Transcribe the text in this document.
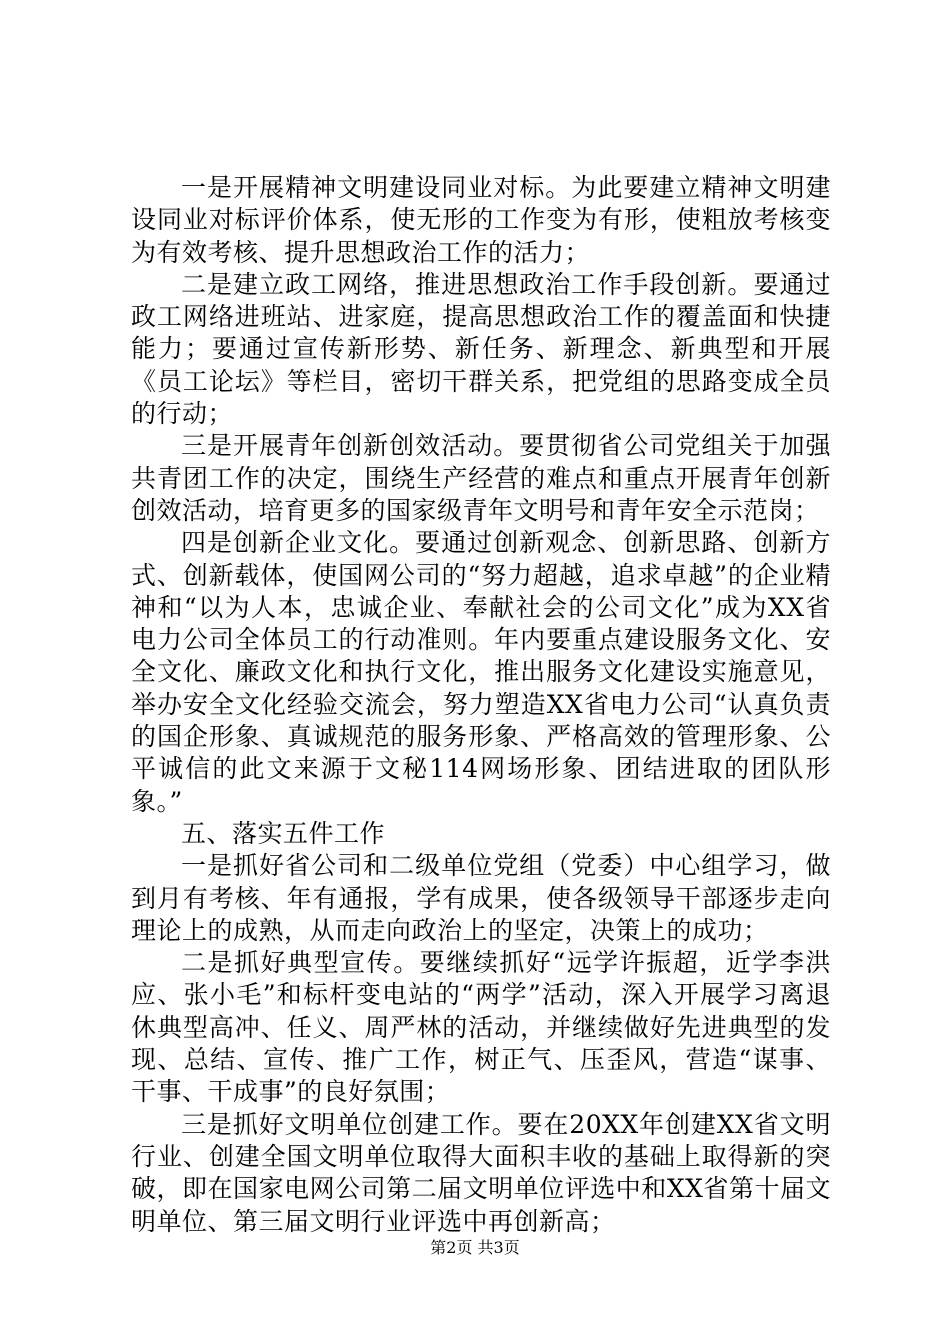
一是开展精神文明建设同业对标。为此要建立精神文明建设同业对标评价体系，使无形的工作变为有形，使粗放考核变为有效考核、提升思想政治工作的活力；

二是建立政工网络，推进思想政治工作手段创新。要通过政工网络进班站、进家庭，提高思想政治工作的覆盖面和快捷能力；要通过宣传新形势、新任务、新理念、新典型和开展《员工论坛》等栏目，密切干群关系，把党组的思路变成全员的行动；

三是开展青年创新创效活动。要贯彻省公司党组关于加强共青团工作的决定，围绕生产经营的难点和重点开展青年创新创效活动，培育更多的国家级青年文明号和青年安全示范岗；

四是创新企业文化。要通过创新观念、创新思路、创新方式、创新载体，使国网公司的“努力超越，追求卓越”的企业精神和“以为人本，忠诚企业、奉献社会的公司文化”成为XX省电力公司全体员工的行动准则。年内要重点建设服务文化、安全文化、廉政文化和执行文化，推出服务文化建设实施意见，举办安全文化经验交流会，努力塑造XX省电力公司“认真负责的国企形象、真诚规范的服务形象、严格高效的管理形象、公平诚信的此文来源于文秘114网场形象、团结进取的团队形象。”

五、落实五件工作

一是抓好省公司和二级单位党组（党委）中心组学习，做到月有考核、年有通报，学有成果，使各级领导干部逐步走向理论上的成熟，从而走向政治上的坚定，决策上的成功；

二是抓好典型宣传。要继续抓好“远学许振超，近学李洪应、张小毛”和标杆变电站的“两学”活动，深入开展学习离退休典型高冲、任义、周严林的活动，并继续做好先进典型的发现、总结、宣传、推广工作，树正气、压歪风，营造“谋事、干事、干成事”的良好氛围；

三是抓好文明单位创建工作。要在20XX年创建XX省文明行业、创建全国文明单位取得大面积丰收的基础上取得新的突破，即在国家电网公司第二届文明单位评选中和XX省第十届文明单位、第三届文明行业评选中再创新高；

第2页 共3页
